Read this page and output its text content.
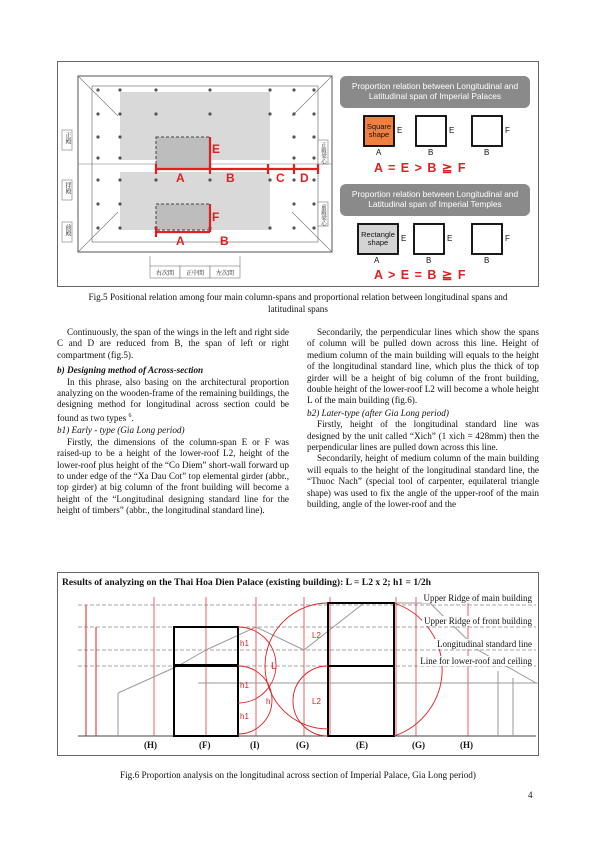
正殿
拝殿
前殿
正殿梁心
前殿梁心
E
A	B	C D
F
A	B
右次間	正中間	左次間
Proportion relation between Longitudinal and Latitudinal span of Imperial Palaces
Proportion relation between Longitudinal and Latitudinal span of Imperial Temples
Square shape E	E	F
A	B	B
A = E > B ≧ F
Rectangle shape	E	E	F
A	B	B
A > E = B ≧ F
Fig.5 Positional relation among four main column-spans and proportional relation between longitudinal spans and latitudinal spans

Continuously, the span of the wings in the left and right side C and D are reduced from B, the span of left or right compartment (fig.5).

b) Designing method of Across-section

In this phrase, also basing on the architectural proportion analyzing on the wooden-frame of the remaining buildings, the designing method for longitudinal across section could be found as two types $^6$.

b1) Early - type (Gia Long period)

Firstly, the dimensions of the column-span E or F was raised-up to be a height of the lower-roof L2, height of the lower-roof plus height of the “Co Diem” short-wall forward up to under edge of the “Xa Dau Cot” top elemental girder (abbr., top girder) at big column of the front building will become a height of the “Longitudinal designing standard line for the height of timbers” (abbr., the longitudinal standard line).

Secondarily, the perpendicular lines which show the spans of column will be pulled down across this line. Height of medium column of the main building will equals to the height of the longitudinal standard line, which plus the thick of top girder will be a height of big column of the front building, double height of the lower-roof L2 will become a whole height L of the main building (fig.6).

b2) Later-type (after Gia Long period)

Firstly, height of the longitudinal standard line was designed by the unit called “Xich” (1 xich = 428mm) then the perpendicular lines are pulled down across this line.

Secondarily, height of medium column of the main building will equals to the height of the longitudinal standard line, the “Thuoc Nach” (special tool of carpenter, equilateral triangle shape) was used to fix the angle of the upper-roof of the main building, angle of the lower-roof and the

Results of analyzing on the Thai Hoa Dien Palace (existing building): L = L2 x 2; h1 = 1/2h
Upper Ridge of main building
Upper Ridge of front building
Longitudinal standard line
Line for lower-roof and ceiling
h1
h1
h1
h
L2
L2
L
(H)	(F)	(I)	(G)	(E)	(G)	(H)
Fig.6 Proportion analysis on the longitudinal across section of Imperial Palace, Gia Long period)
4
